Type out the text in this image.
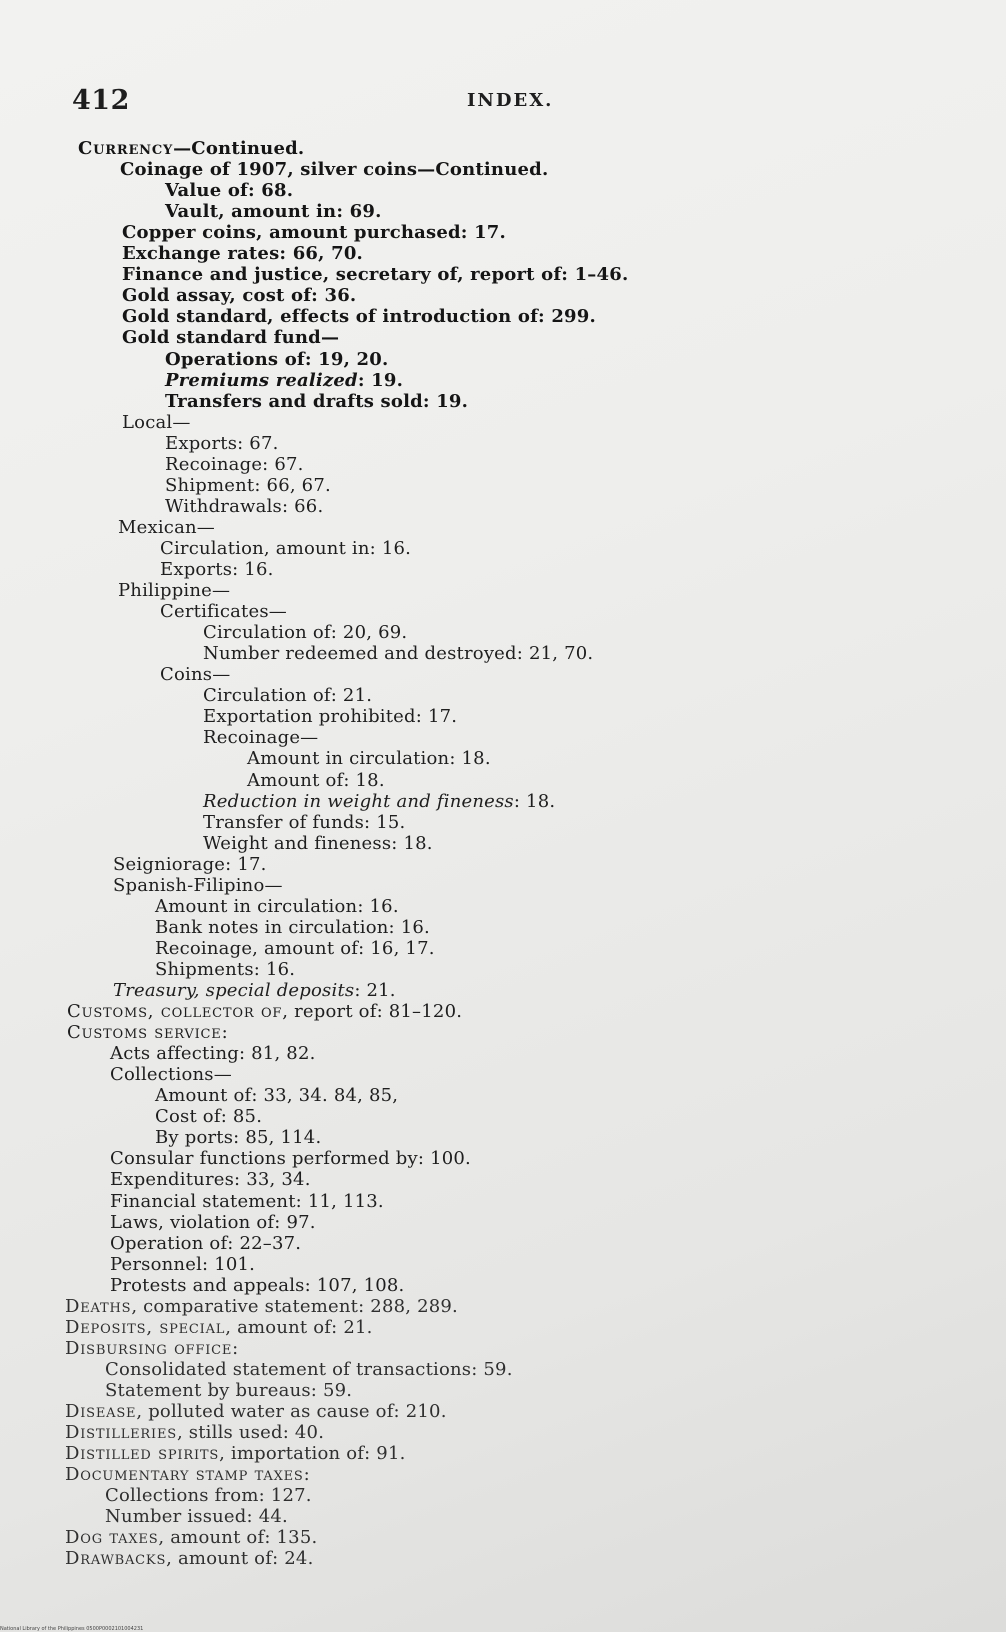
412	INDEX.
Currency—Continued.
Coinage of 1907, silver coins—Continued.
Value of: 68.
Vault, amount in: 69.
Copper coins, amount purchased: 17.
Exchange rates: 66, 70.
Finance and justice, secretary of, report of: 1–46.
Gold assay, cost of: 36.
Gold standard, effects of introduction of: 299.
Gold standard fund—
Operations of: 19, 20.
Premiums realized: 19.
Transfers and drafts sold: 19.
Local—
Exports: 67.
Recoinage: 67.
Shipment: 66, 67.
Withdrawals: 66.
Mexican—
Circulation, amount in: 16.
Exports: 16.
Philippine—
Certificates—
Circulation of: 20, 69.
Number redeemed and destroyed: 21, 70.
Coins—
Circulation of: 21.
Exportation prohibited: 17.
Recoinage—
Amount in circulation: 18.
Amount of: 18.
Reduction in weight and fineness: 18.
Transfer of funds: 15.
Weight and fineness: 18.
Seigniorage: 17.
Spanish-Filipino—
Amount in circulation: 16.
Bank notes in circulation: 16.
Recoinage, amount of: 16, 17.
Shipments: 16.
Treasury, special deposits: 21.
Customs, collector of, report of: 81–120.
Customs service:
Acts affecting: 81, 82.
Collections—
Amount of: 33, 34. 84, 85,
Cost of: 85.
By ports: 85, 114.
Consular functions performed by: 100.
Expenditures: 33, 34.
Financial statement: 11, 113.
Laws, violation of: 97.
Operation of: 22–37.
Personnel: 101.
Protests and appeals: 107, 108.
Deaths, comparative statement: 288, 289.
Deposits, special, amount of: 21.
Disbursing office:
Consolidated statement of transactions: 59.
Statement by bureaus: 59.
Disease, polluted water as cause of: 210.
Distilleries, stills used: 40.
Distilled spirits, importation of: 91.
Documentary stamp taxes:
Collections from: 127.
Number issued: 44.
Dog taxes, amount of: 135.
Drawbacks, amount of: 24.
National Library of the Philippines 0500P0002101004231
